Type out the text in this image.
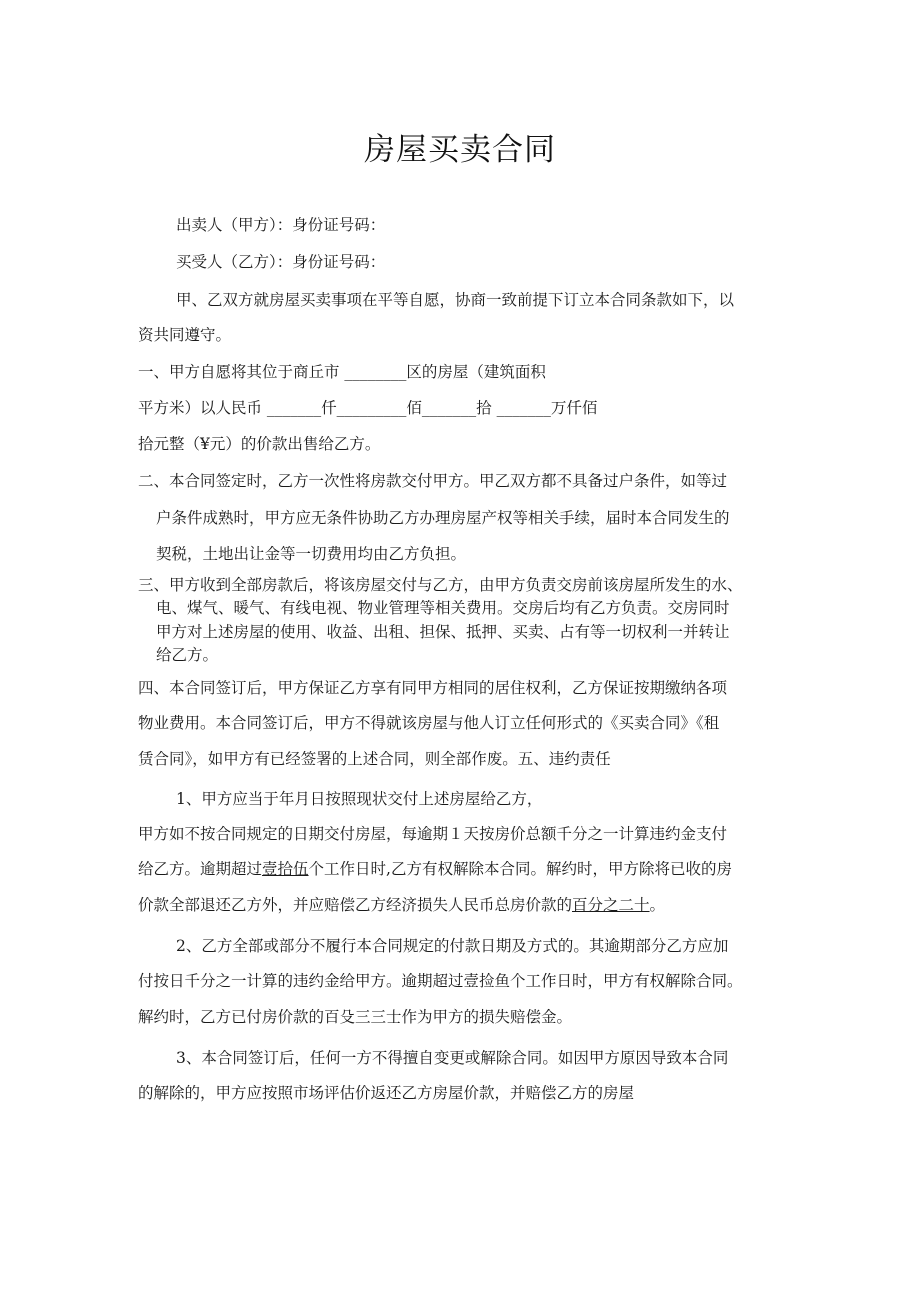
房屋买卖合同
出卖人（甲方）：身份证号码：
买受人（乙方）：身份证号码：
甲、乙双方就房屋买卖事项在平等自愿，协商一致前提下订立本合同条款如下，以
资共同遵守。
一、甲方自愿将其位于商丘市 ________区的房屋（建筑面积
平方米）以人民币 _______仟_________佰_______拾 _______万仟佰
拾元整（¥元）的价款出售给乙方。
二、本合同签定时，乙方一次性将房款交付甲方。甲乙双方都不具备过户条件，如等过
户条件成熟时，甲方应无条件协助乙方办理房屋产权等相关手续，届时本合同发生的
契税，土地出让金等一切费用均由乙方负担。
三、甲方收到全部房款后，将该房屋交付与乙方，由甲方负责交房前该房屋所发生的水、
电、煤气、暖气、有线电视、物业管理等相关费用。交房后均有乙方负责。交房同时
甲方对上述房屋的使用、收益、出租、担保、抵押、买卖、占有等一切权利一并转让
给乙方。
四、本合同签订后，甲方保证乙方享有同甲方相同的居住权利，乙方保证按期缴纳各项
物业费用。本合同签订后，甲方不得就该房屋与他人订立任何形式的《买卖合同》《租
赁合同》，如甲方有已经签署的上述合同，则全部作废。五、违约责任
1、甲方应当于年月日按照现状交付上述房屋给乙方，
甲方如不按合同规定的日期交付房屋，每逾期１天按房价总额千分之一计算违约金支付
给乙方。逾期超过壹拾伍个工作日时,乙方有权解除本合同。解约时，甲方除将已收的房
价款全部退还乙方外，并应赔偿乙方经济损失人民币总房价款的百分之二十。
2、乙方全部或部分不履行本合同规定的付款日期及方式的。其逾期部分乙方应加
付按日千分之一计算的违约金给甲方。逾期超过壹捡鱼个工作日时，甲方有权解除合同。
解约时，乙方已付房价款的百殳三三士作为甲方的损失赔偿金。
3、本合同签订后，任何一方不得擅自变更或解除合同。如因甲方原因导致本合同
的解除的，甲方应按照市场评估价返还乙方房屋价款，并赔偿乙方的房屋
